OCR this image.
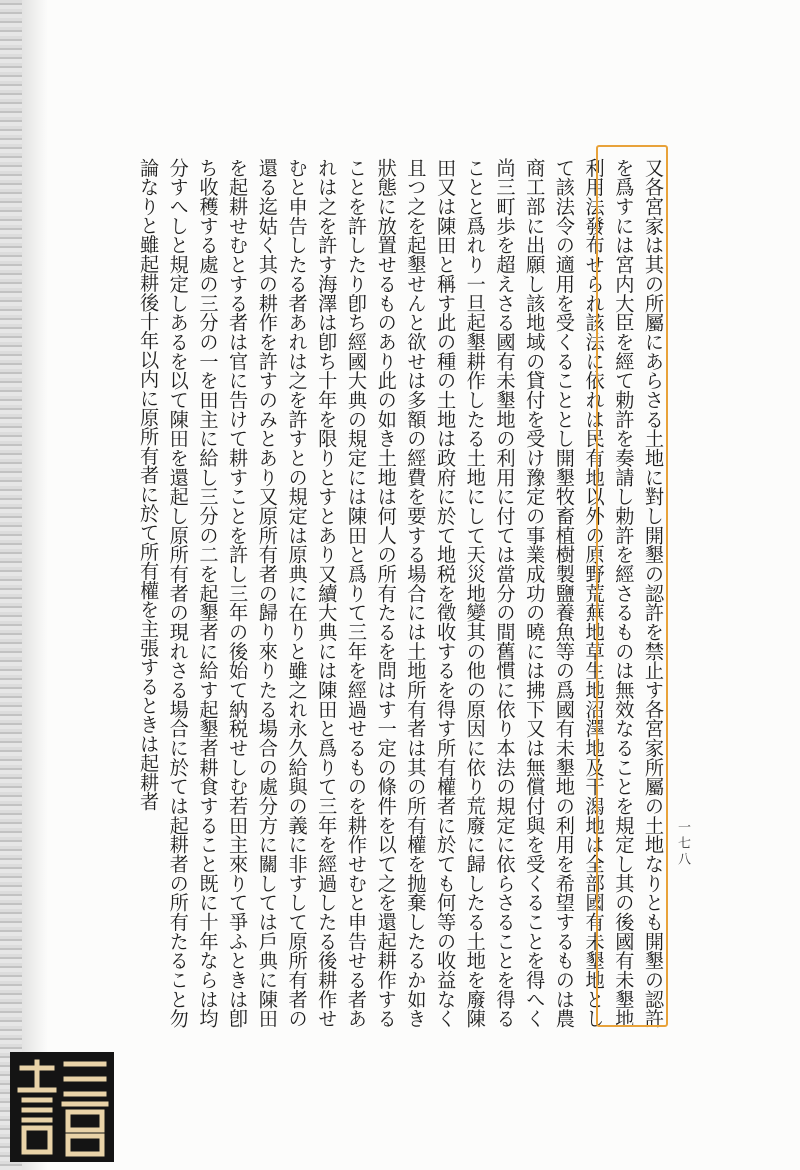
一七八

又各宮家は其の所屬にあらさる土地に對し開墾の認許を禁止す各宮家所屬の土地なりとも開墾の認許を爲すには宮内大臣を經て勅許を奏請し勅許を經さるものは無效なることを規定し其の後國有未墾地利用法發布せられ該法に依れは民有地以外の原野荒蕪地草生地沼澤地及干潟地は全部國有未墾地として該法令の適用を受くることとし開墾牧畜植樹製鹽養魚等の爲國有未墾地の利用を希望するものは農商工部に出願し該地域の貸付を受け豫定の事業成功の曉には拂下又は無償付與を受くることを得へく尚三町歩を超えさる國有未墾地の利用に付ては當分の間舊慣に依り本法の規定に依らさることを得ることと爲れり一旦起墾耕作したる土地にして天災地變其の他の原因に依り荒廢に歸したる土地を廢陳田又は陳田と稱す此の種の土地は政府に於て地税を徵收するを得す所有權者に於ても何等の收益なく且つ之を起墾せんと欲せは多額の經費を要する場合には土地所有者は其の所有權を抛棄したるか如き狀態に放置せるものあり此の如き土地は何人の所有たるを問はす一定の條件を以て之を還起耕作することを許したり卽ち經國大典の規定には陳田と爲りて三年を經過せるものを耕作せむと申告せる者あれは之を許す海澤は卽ち十年を限りとすとあり又續大典には陳田と爲りて三年を經過したる後耕作せむと申告したる者あれは之を許すとの規定は原典に在りと雖之れ永久給與の義に非すして原所有者の還る迄姑く其の耕作を許すのみとあり又原所有者の歸り來りたる場合の處分方に關しては戶典に陳田を起耕せむとする者は官に告けて耕すことを許し三年の後始て納税せしむ若田主來りて爭ふときは卽ち收穫する處の三分の一を田主に給し三分の二を起墾者に給す起墾者耕食すること既に十年ならは均分すへしと規定しあるを以て陳田を還起し原所有者の現れさる場合に於ては起耕者の所有たること勿論なりと雖起耕後十年以内に原所有者に於て所有權を主張するときは起耕者
